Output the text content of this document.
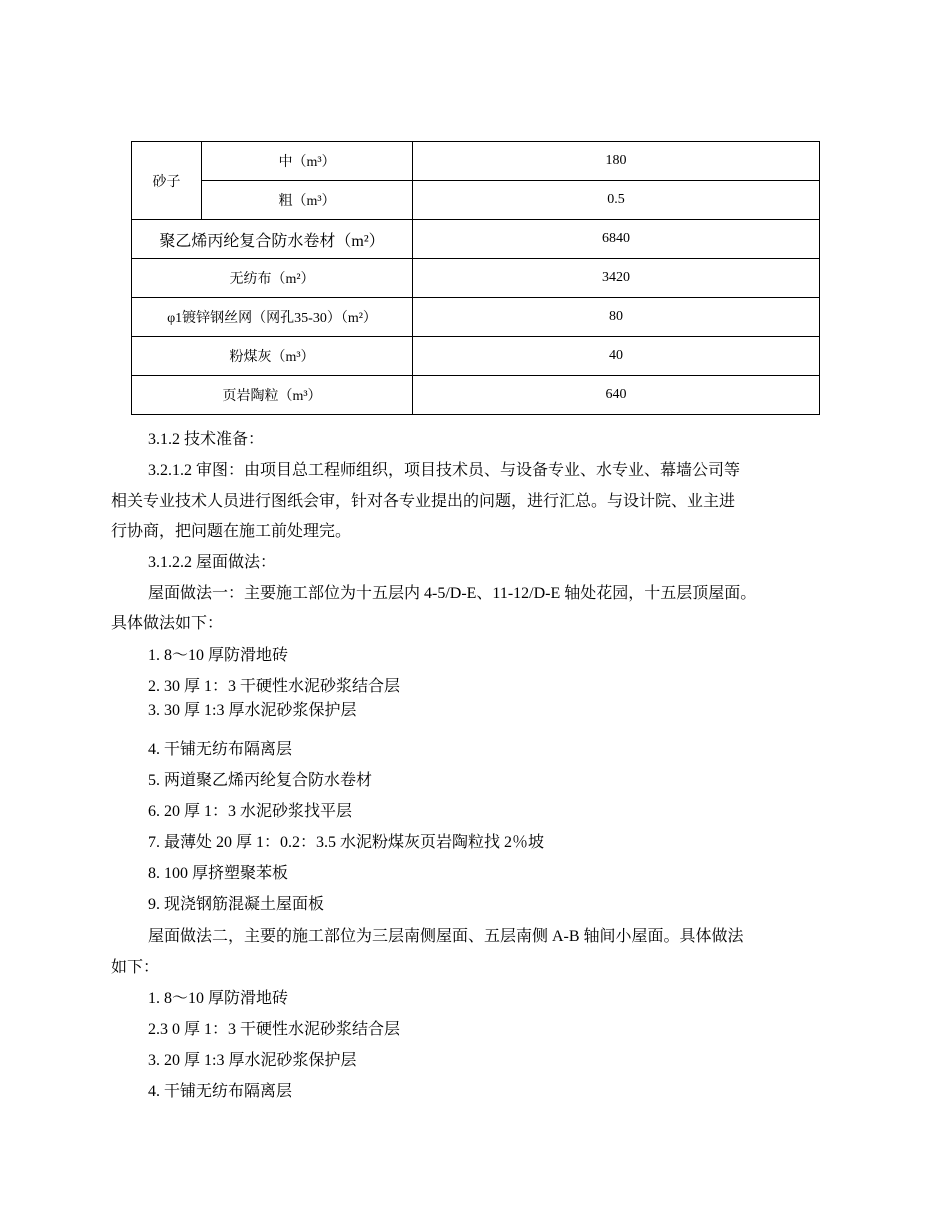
砂子	中（m³）	180
	粗（m³）	0.5
聚乙烯丙纶复合防水卷材（m²）		6840
无纺布（m²）		3420
φ1镀锌钢丝网（网孔35-30）（m²）		80
粉煤灰（m³）		40
页岩陶粒（m³）		640
3.1.2 技术准备：
3.2.1.2 审图：由项目总工程师组织，项目技术员、与设备专业、水专业、幕墙公司等
相关专业技术人员进行图纸会审，针对各专业提出的问题，进行汇总。与设计院、业主进
行协商，把问题在施工前处理完。
3.1.2.2 屋面做法：
屋面做法一：主要施工部位为十五层内 4-5/D-E、11-12/D-E 轴处花园，十五层顶屋面。
具体做法如下：
1. 8～10 厚防滑地砖
2. 30 厚 1：3 干硬性水泥砂浆结合层
3. 30 厚 1:3 厚水泥砂浆保护层
4. 干铺无纺布隔离层
5. 两道聚乙烯丙纶复合防水卷材
6. 20 厚 1：3 水泥砂浆找平层
7. 最薄处 20 厚 1：0.2：3.5 水泥粉煤灰页岩陶粒找 2％坡
8. 100 厚挤塑聚苯板
9. 现浇钢筋混凝土屋面板
屋面做法二，主要的施工部位为三层南侧屋面、五层南侧 A-B 轴间小屋面。具体做法
如下：
1. 8～10 厚防滑地砖
2.3 0 厚 1：3 干硬性水泥砂浆结合层
3. 20 厚 1:3 厚水泥砂浆保护层
4. 干铺无纺布隔离层
